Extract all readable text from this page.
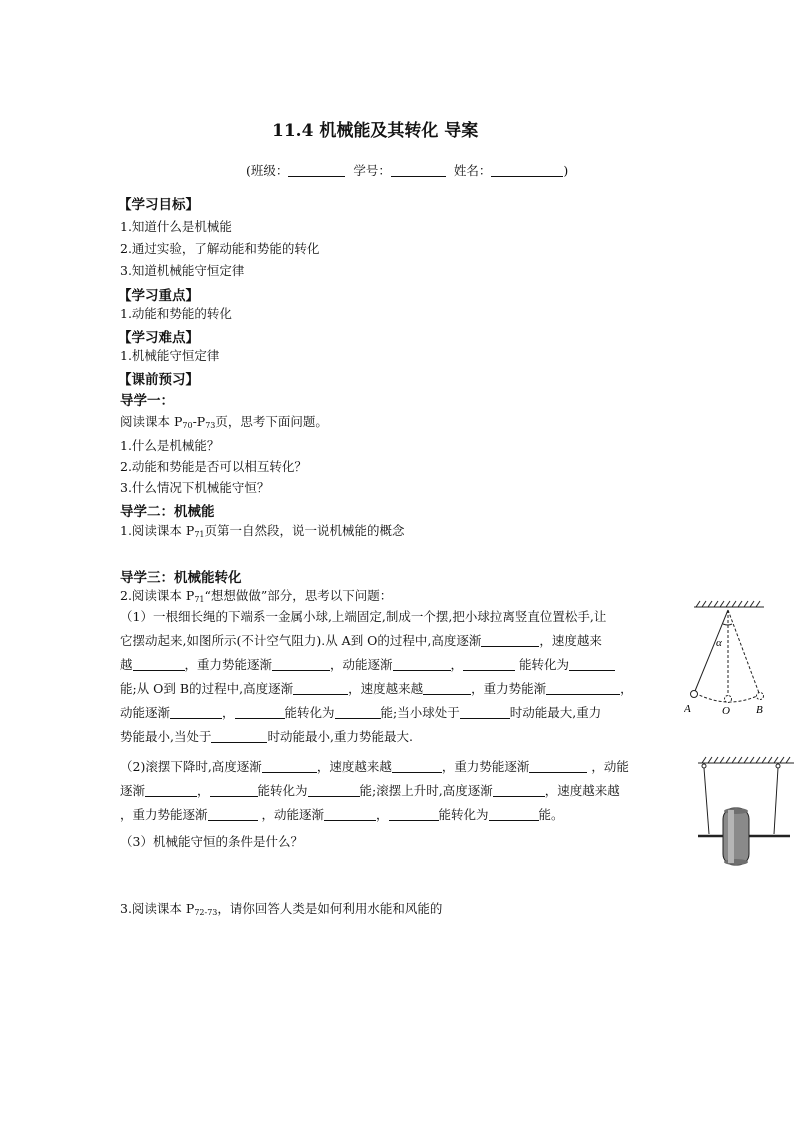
11.4 机械能及其转化 导案
(班级：	学号：	姓名：	)
【学习目标】
1.知道什么是机械能
2.通过实验，了解动能和势能的转化
3.知道机械能守恒定律
【学习重点】
1.动能和势能的转化
【学习难点】
1.机械能守恒定律
【课前预习】
导学一：
阅读课本 $P_{70}-P_{73}$页，思考下面问题。
1.什么是机械能？
2.动能和势能是否可以相互转化？
3.什么情况下机械能守恒？
导学二：机械能
1.阅读课本 $P_{71}$页第一自然段，说一说机械能的概念
导学三：机械能转化
2.阅读课本 $P_{71}“$想想做做”部分，思考以下问题：
（1）一根细长绳的下端系一金属小球,上端固定,制成一个摆,把小球拉离竖直位置松手,让
它摆动起来,如图所示(不计空气阻力).从 A到 O的过程中,高度逐渐	，速度越来
越	，重力势能逐渐	，动能逐渐	，	能转化为
能;从 O到 B的过程中,高度逐渐	，速度越来越	，重力势能渐	，
动能逐渐	，	能转化为	能;当小球处于	时动能最大,重力
势能最小,当处于	时动能最小,重力势能最大.
（2)滚摆下降时,高度逐渐	，速度越来越	，重力势能逐渐	，动能
逐渐	，	能转化为	能;滚摆上升时,高度逐渐	，速度越来越
，重力势能逐渐	，动能逐渐	，	能转化为	能。
（3）机械能守恒的条件是什么？
3.阅读课本 $P_{72-73}$，请你回答人类是如何利用水能和风能的
A	O B
α
